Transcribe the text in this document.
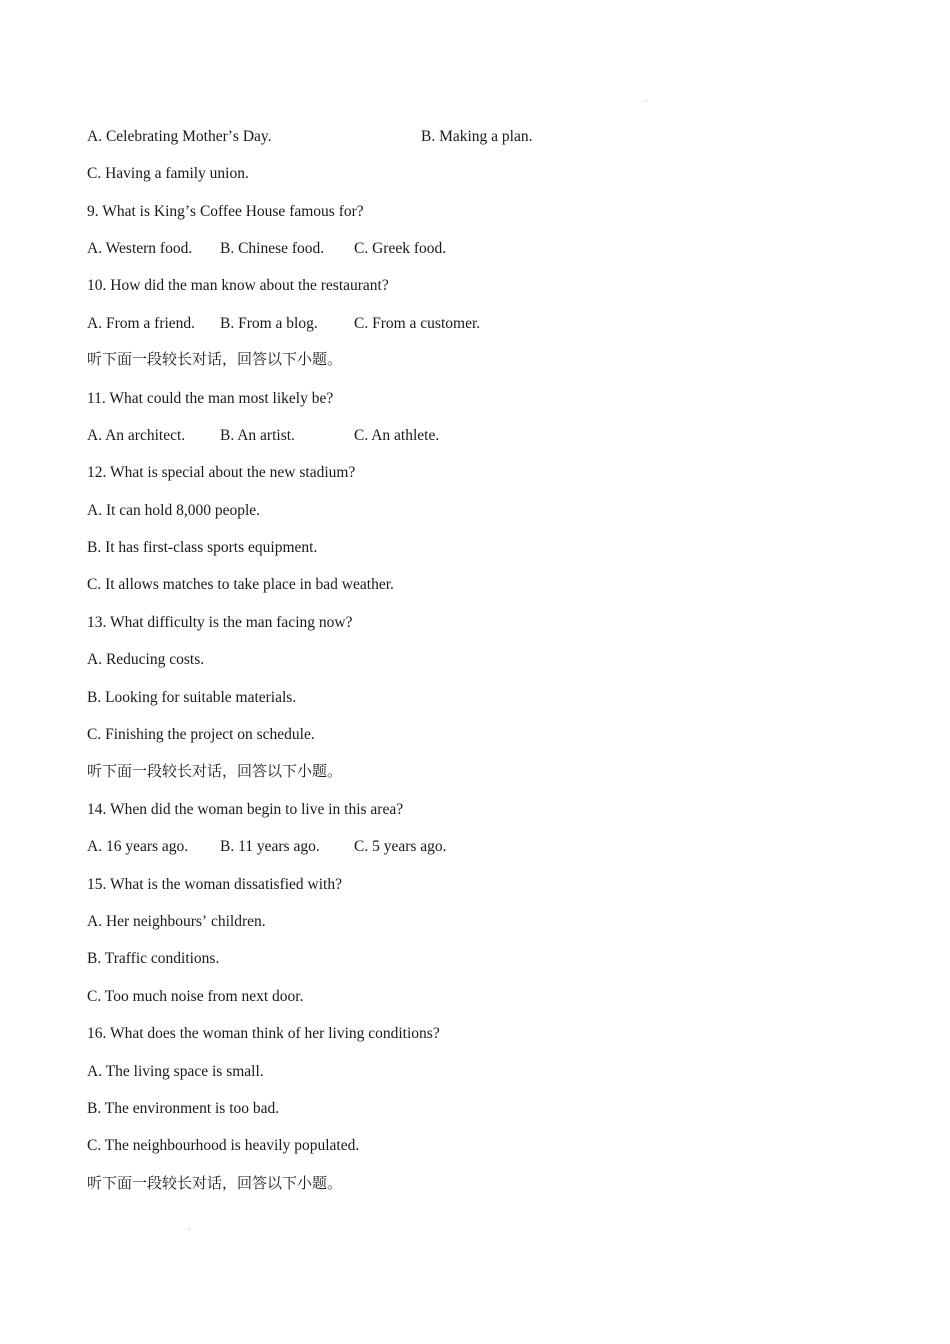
A. Celebrating Motherʼs Day.	B. Making a plan.
C. Having a family union.
9. What is Kingʼs Coffee House famous for?
A. Western food. B. Chinese food. C. Greek food.
10. How did the man know about the restaurant?
A. From a friend. B. From a blog. C. From a customer.
听下面一段较长对话，回答以下小题。
11. What could the man most likely be?
A. An architect. B. An artist.	C. An athlete.
12. What is special about the new stadium?
A. It can hold 8,000 people.
B. It has first-class sports equipment.
C. It allows matches to take place in bad weather.
13. What difficulty is the man facing now?
A. Reducing costs.
B. Looking for suitable materials.
C. Finishing the project on schedule.
听下面一段较长对话，回答以下小题。
14. When did the woman begin to live in this area?
A. 16 years ago. B. 11 years ago. C. 5 years ago.
15. What is the woman dissatisfied with?
A. Her neighboursʼ children.
B. Traffic conditions.
C. Too much noise from next door.
16. What does the woman think of her living conditions?
A. The living space is small.
B. The environment is too bad.
C. The neighbourhood is heavily populated.
听下面一段较长对话，回答以下小题。
